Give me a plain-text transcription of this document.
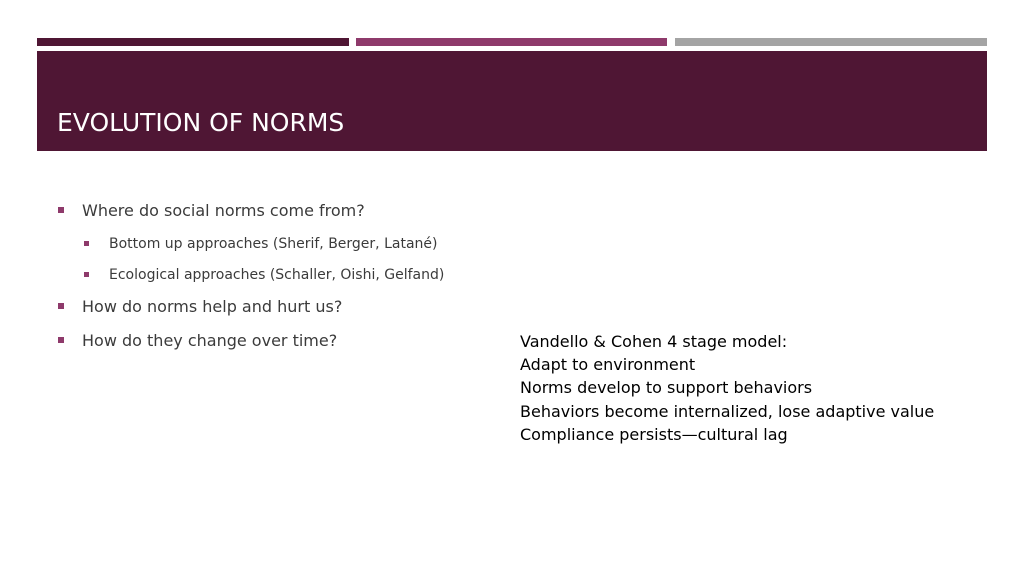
EVOLUTION OF NORMS
Where do social norms come from?
Bottom up approaches (Sherif, Berger, Latané)
Ecological approaches (Schaller, Oishi, Gelfand)
How do norms help and hurt us?
How do they change over time?	Vandello & Cohen 4 stage model:
Adapt to environment
Norms develop to support behaviors
Behaviors become internalized, lose adaptive value
Compliance persists—cultural lag
